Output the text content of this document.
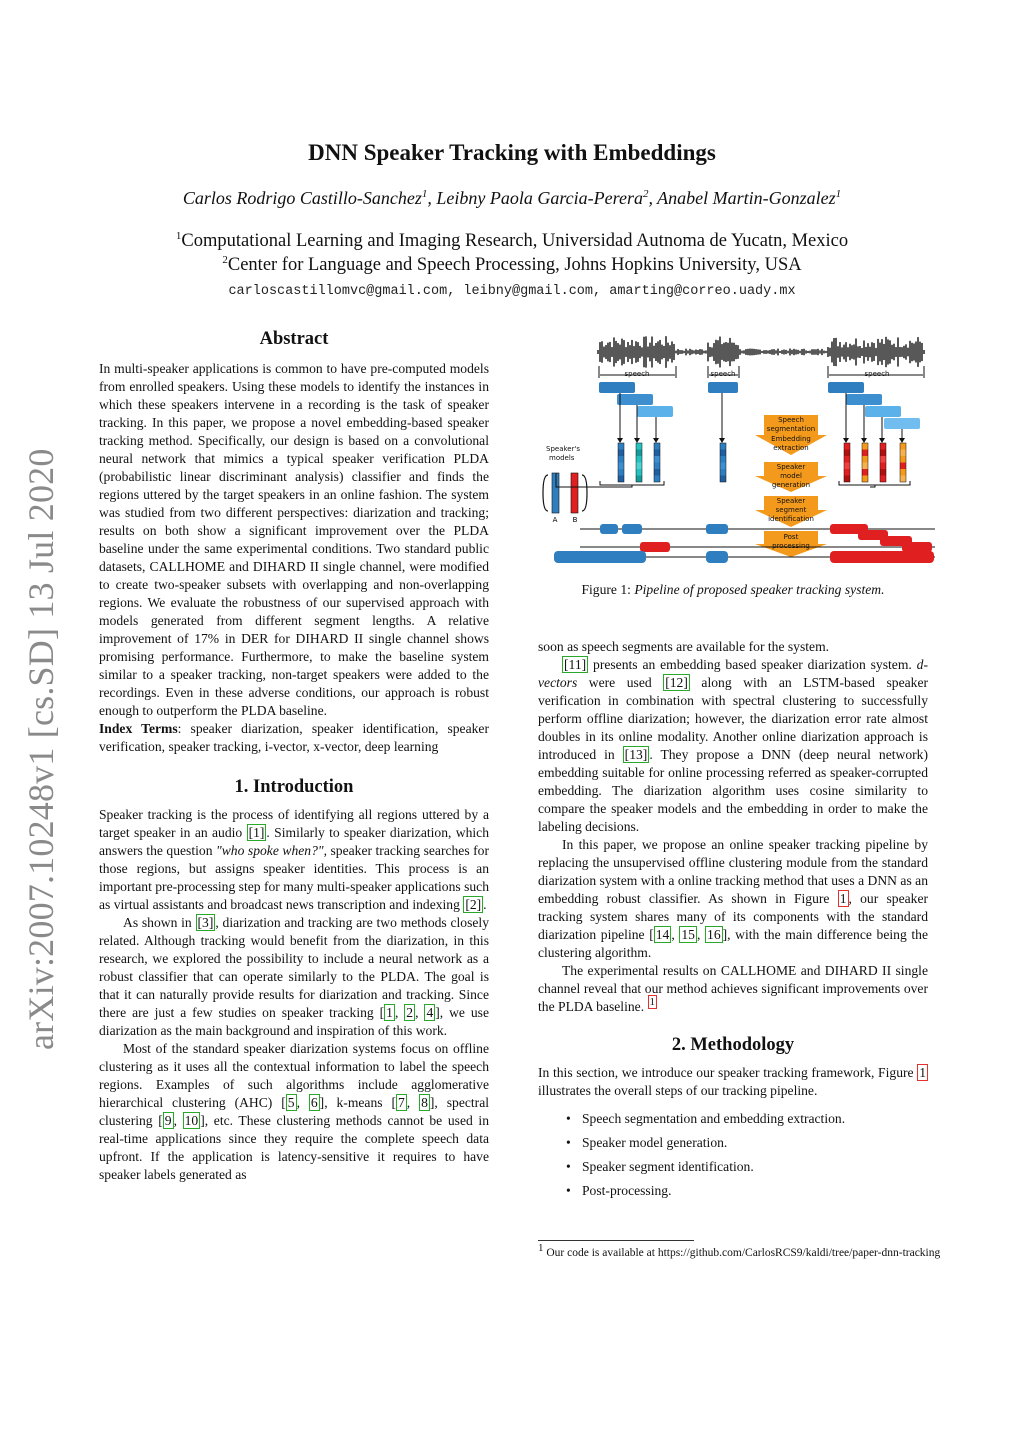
arXiv:2007.10248v1 [cs.SD] 13 Jul 2020
DNN Speaker Tracking with Embeddings
Carlos Rodrigo Castillo-Sanchez$^1$, Leibny Paola Garcia-Perera$^2$, Anabel Martin-Gonzalez$^1$
$^1$Computational Learning and Imaging Research, Universidad Autnoma de Yucatn, Mexico
$^2$Center for Language and Speech Processing, Johns Hopkins University, USA
carloscastillomvc@gmail.com, leibny@gmail.com, amarting@correo.uady.mx
Abstract

In multi-speaker applications is common to have pre-computed models from enrolled speakers. Using these models to identify the instances in which these speakers intervene in a recording is the task of speaker tracking. In this paper, we propose a novel embedding-based speaker tracking method. Specifically, our design is based on a convolutional neural network that mimics a typical speaker verification PLDA (probabilistic linear discriminant analysis) classifier and finds the regions uttered by the target speakers in an online fashion. The system was studied from two different perspectives: diarization and tracking; results on both show a significant improvement over the PLDA baseline under the same experimental conditions. Two standard public datasets, CALLHOME and DIHARD II single channel, were modified to create two-speaker subsets with overlapping and non-overlapping regions. We evaluate the robustness of our supervised approach with models generated from different segment lengths. A relative improvement of 17% in DER for DIHARD II single channel shows promising performance. Furthermore, to make the baseline system similar to a speaker tracking, non-target speakers were added to the recordings. Even in these adverse conditions, our approach is robust enough to outperform the PLDA baseline.

Index Terms: speaker diarization, speaker identification, speaker verification, speaker tracking, i-vector, x-vector, deep learning

1. Introduction

Speaker tracking is the process of identifying all regions uttered by a target speaker in an audio [1] . Similarly to speaker diarization, which answers the question "who spoke when?", speaker tracking searches for those regions, but assigns speaker identities. This process is an important pre-processing step for many multi-speaker applications such as virtual assistants and broadcast news transcription and indexing [2] .

As shown in [3] , diarization and tracking are two methods closely related. Although tracking would benefit from the diarization, in this research, we explored the possibility to include a neural network as a robust classifier that can operate similarly to the PLDA. The goal is that it can naturally provide results for diarization and tracking. Since there are just a few studies on speaker tracking [ 1 , 2 , 4 ], we use diarization as the main background and inspiration of this work.

Most of the standard speaker diarization systems focus on offline clustering as it uses all the contextual information to label the speech regions. Examples of such algorithms include agglomerative hierarchical clustering (AHC) [ 5 , 6 ], k-means [ 7 , 8 ], spectral clustering [ 9 , 10 ], etc. These clustering methods cannot be used in real-time applications since they require the complete speech data upfront. If the application is latency-sensitive it requires to have speaker labels generated as

speech	speech	speech
Speaker's
models
A B
Speech
segmentation
Embedding
extraction
Speaker
model
generation
Speaker
segment
identification
Post
processing
Figure 1: Pipeline of proposed speaker tracking system.

soon as speech segments are available for the system.

[11] presents an embedding based speaker diarization system. d-vectors were used [12] along with an LSTM-based speaker verification in combination with spectral clustering to successfully perform offline diarization; however, the diarization error rate almost doubles in its online modality. Another online diarization approach is introduced in [13] . They propose a DNN (deep neural network) embedding suitable for online processing referred as speaker-corrupted embedding. The diarization algorithm uses cosine similarity to compare the speaker models and the embedding in order to make the labeling decisions.

In this paper, we propose an online speaker tracking pipeline by replacing the unsupervised offline clustering module from the standard diarization system with a online tracking method that uses a DNN as an embedding robust classifier. As shown in Figure 1 , our speaker tracking system shares many of its components with the standard diarization pipeline [ 14 , 15 , 16 ], with the main difference being the clustering algorithm.

The experimental results on CALLHOME and DIHARD II single channel reveal that our method achieves significant improvements over the PLDA baseline. $^1$

2. Methodology

In this section, we introduce our speaker tracking framework, Figure 1 illustrates the overall steps of our tracking pipeline.

• Speech segmentation and embedding extraction.
• Speaker model generation.
• Speaker segment identification.
• Post-processing.
$^1$ Our code is available at https://github.com/CarlosRCS9/kaldi/tree/paper-dnn-tracking
